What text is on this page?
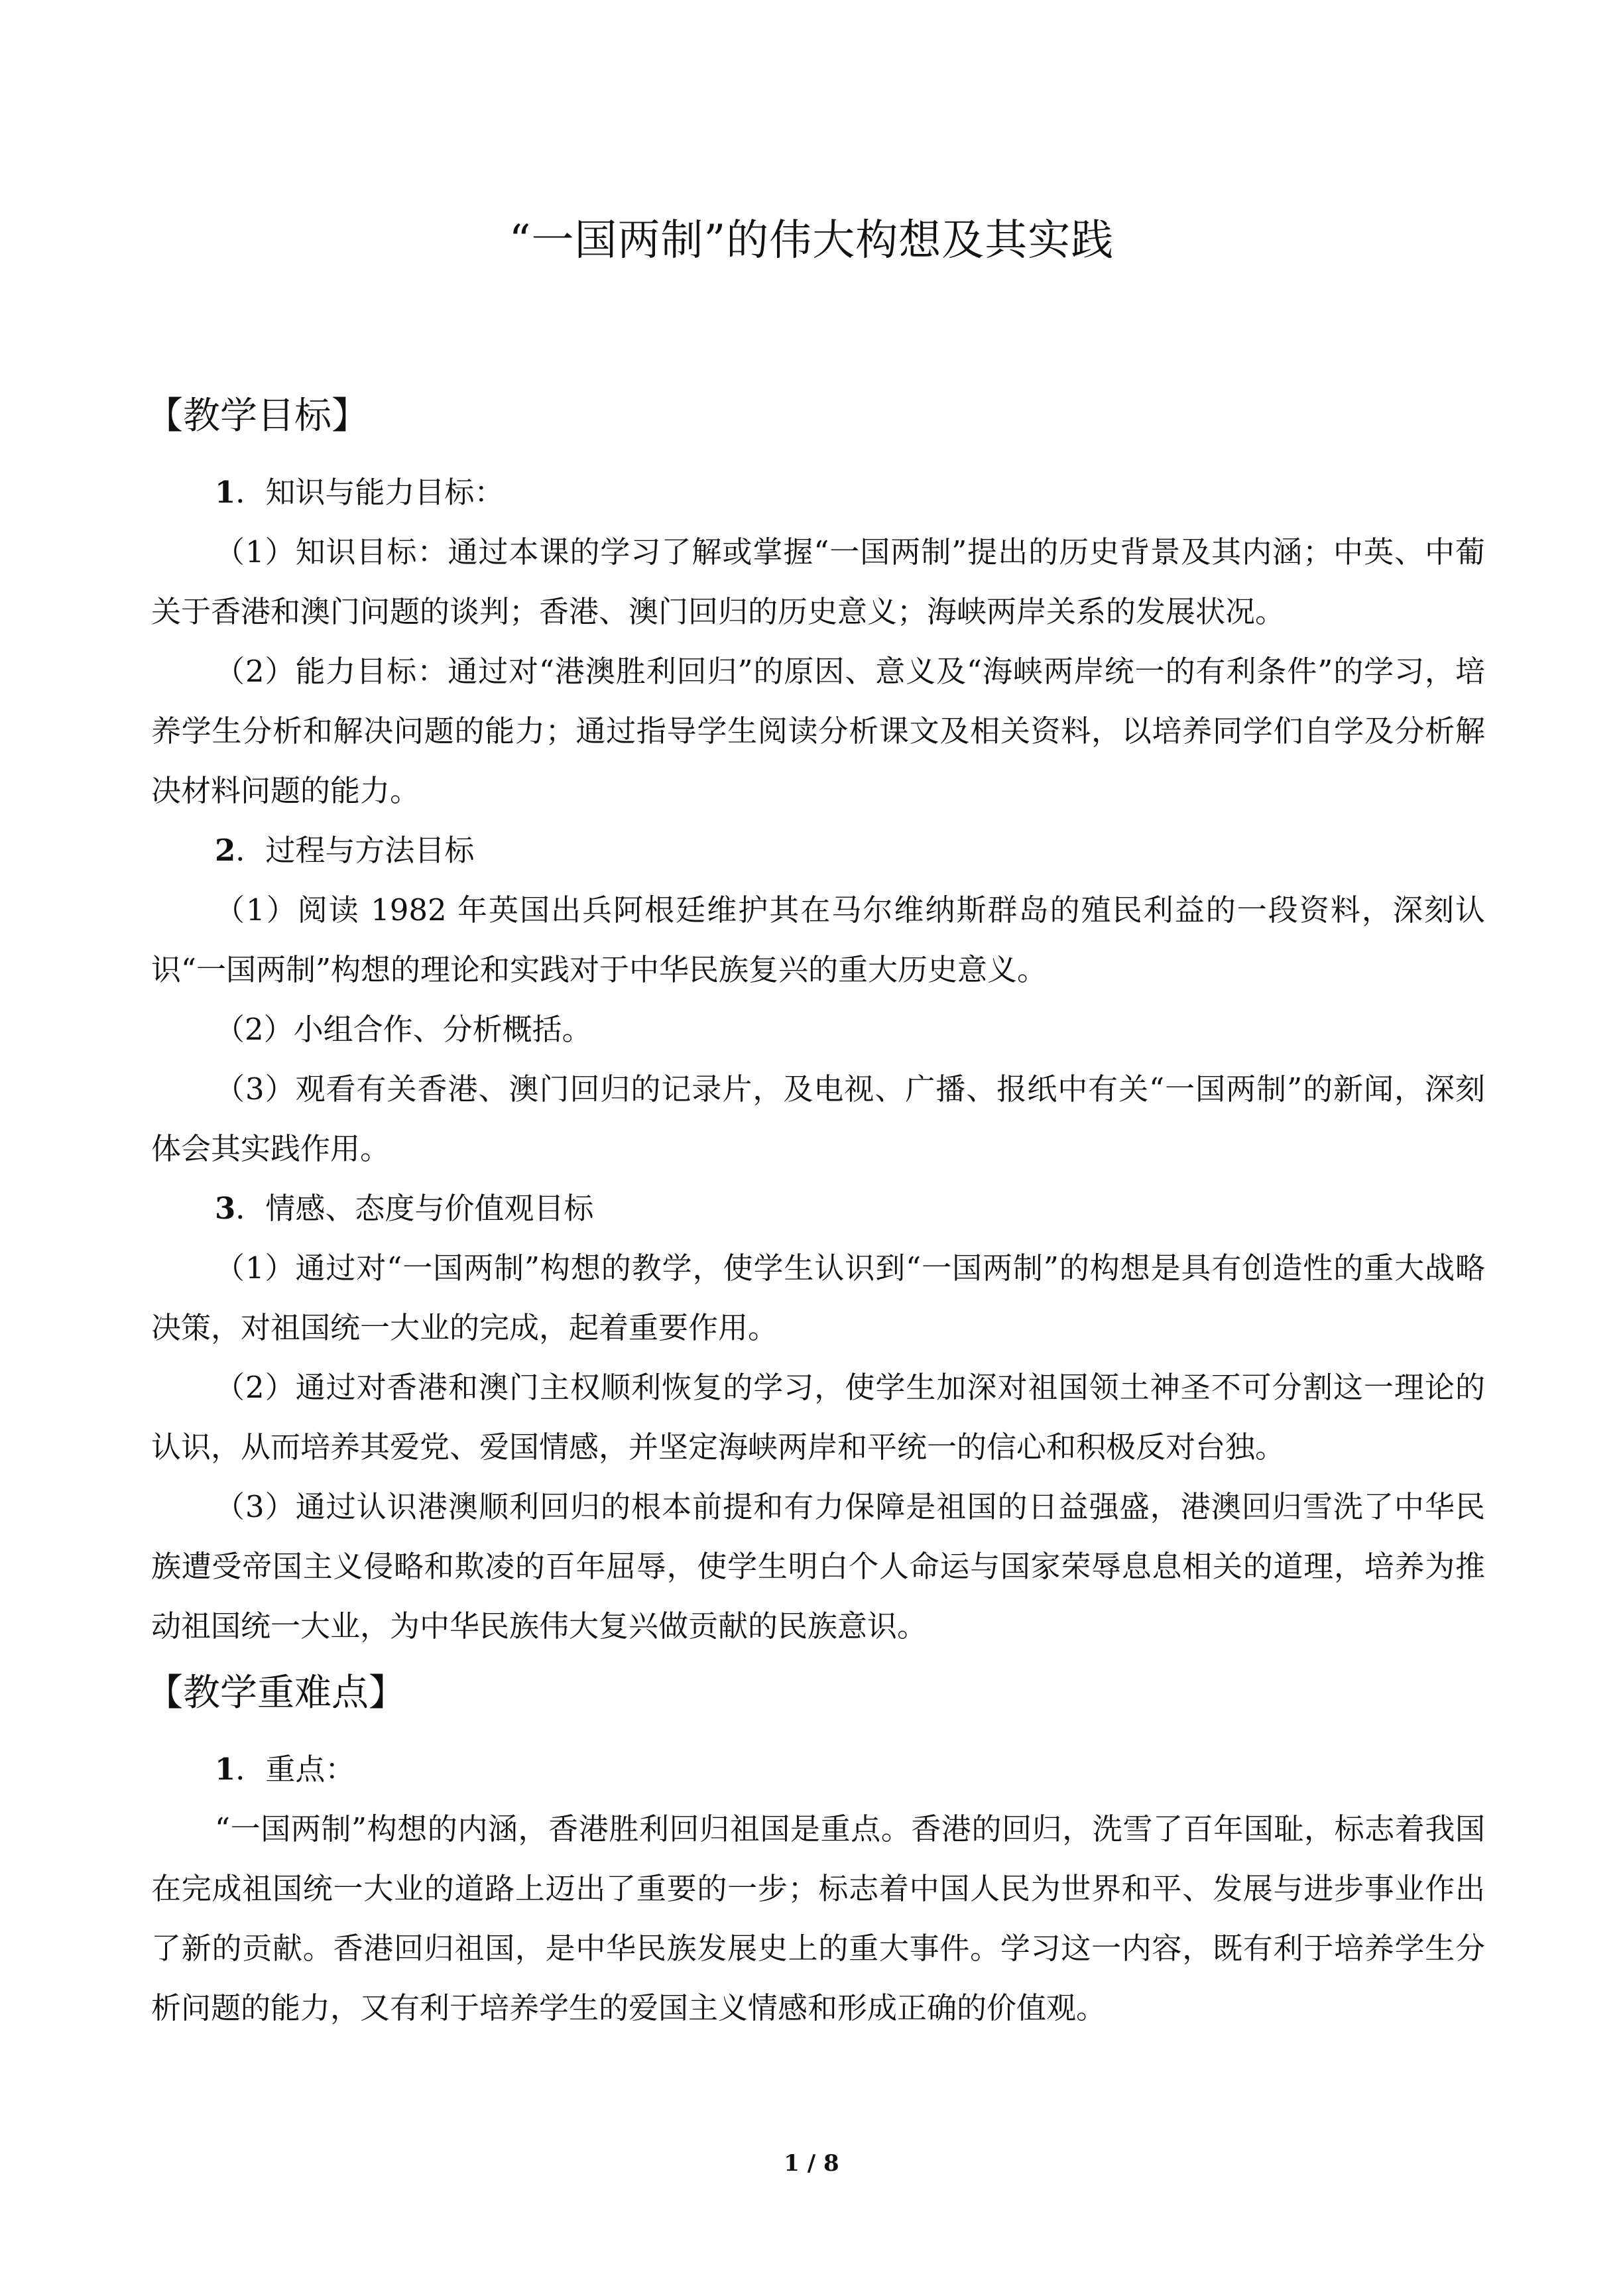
“一国两制”的伟大构想及其实践
【教学目标】
1．知识与能力目标：

（1）知识目标：通过本课的学习了解或掌握“一国两制”提出的历史背景及其内涵；中英、中葡关于香港和澳门问题的谈判；香港、澳门回归的历史意义；海峡两岸关系的发展状况。

（2）能力目标：通过对“港澳胜利回归”的原因、意义及“海峡两岸统一的有利条件”的学习，培养学生分析和解决问题的能力；通过指导学生阅读分析课文及相关资料，以培养同学们自学及分析解决材料问题的能力。

2．过程与方法目标

（1）阅读 1982 年英国出兵阿根廷维护其在马尔维纳斯群岛的殖民利益的一段资料，深刻认识“一国两制”构想的理论和实践对于中华民族复兴的重大历史意义。

（2）小组合作、分析概括。

（3）观看有关香港、澳门回归的记录片，及电视、广播、报纸中有关“一国两制”的新闻，深刻体会其实践作用。

3．情感、态度与价值观目标

（1）通过对“一国两制”构想的教学，使学生认识到“一国两制”的构想是具有创造性的重大战略决策，对祖国统一大业的完成，起着重要作用。

（2）通过对香港和澳门主权顺利恢复的学习，使学生加深对祖国领土神圣不可分割这一理论的认识，从而培养其爱党、爱国情感，并坚定海峡两岸和平统一的信心和积极反对台独。

（3）通过认识港澳顺利回归的根本前提和有力保障是祖国的日益强盛，港澳回归雪洗了中华民族遭受帝国主义侵略和欺凌的百年屈辱，使学生明白个人命运与国家荣辱息息相关的道理，培养为推动祖国统一大业，为中华民族伟大复兴做贡献的民族意识。

【教学重难点】
1．重点：

“一国两制”构想的内涵，香港胜利回归祖国是重点。香港的回归，洗雪了百年国耻，标志着我国在完成祖国统一大业的道路上迈出了重要的一步；标志着中国人民为世界和平、发展与进步事业作出了新的贡献。香港回归祖国，是中华民族发展史上的重大事件。学习这一内容，既有利于培养学生分析问题的能力，又有利于培养学生的爱国主义情感和形成正确的价值观。

1 / 8
